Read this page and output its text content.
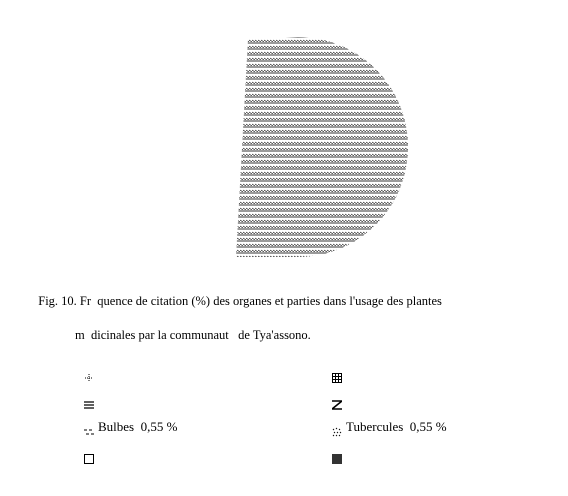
Fig. 10. Fr  quence de citation (%) des organes et parties dans l'usage des plantes

m  dicinales par la communaut   de Tya'assono.

Bulbes  0,55 %

	Tubercules  0,55 %
